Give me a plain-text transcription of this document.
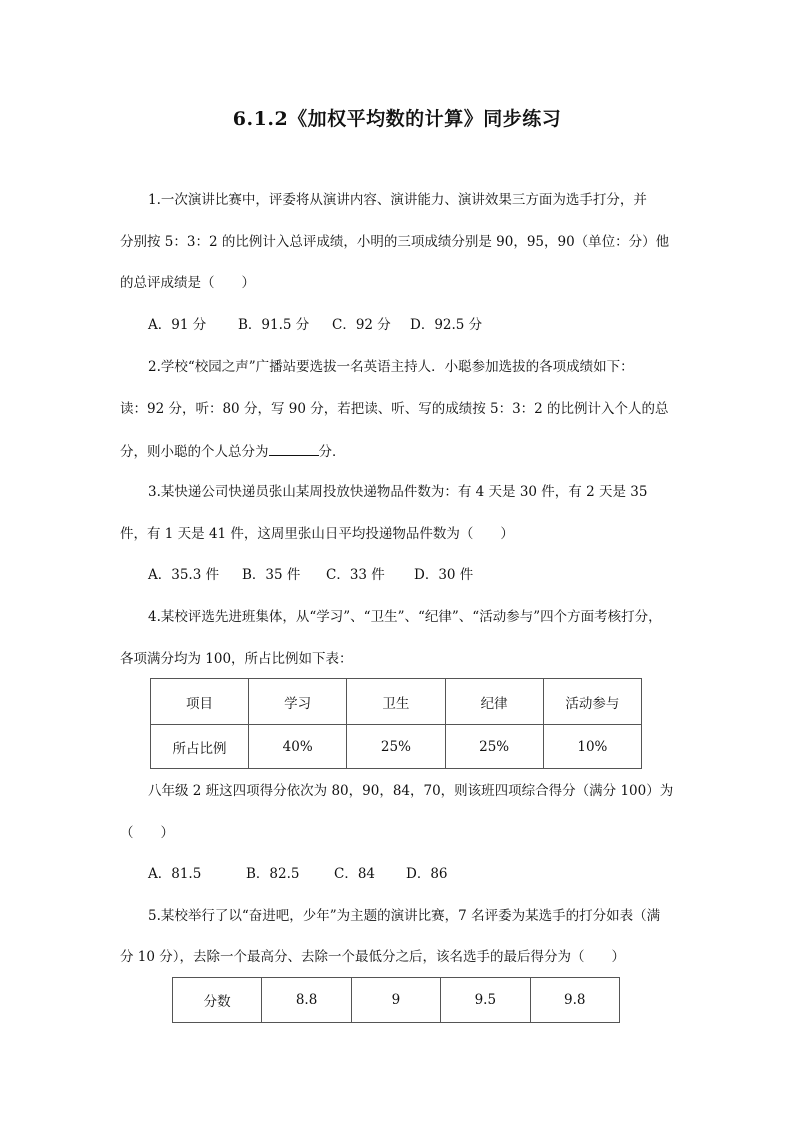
6.1.2《加权平均数的计算》同步练习
1.一次演讲比赛中，评委将从演讲内容、演讲能力、演讲效果三方面为选手打分，并
分别按 5：3：2 的比例计入总评成绩，小明的三项成绩分别是 90，95，90（单位：分）他
的总评成绩是（　　）
A．91 分 B．91.5 分 C．92 分 D．92.5 分
2.学校“校园之声”广播站要选拔一名英语主持人．小聪参加选拔的各项成绩如下：
读：92 分，听：80 分，写 90 分，若把读、听、写的成绩按 5：3：2 的比例计入个人的总
分，则小聪的个人总分为	分．
3.某快递公司快递员张山某周投放快递物品件数为：有 4 天是 30 件，有 2 天是 35
件，有 1 天是 41 件，这周里张山日平均投递物品件数为（　　）
A．35.3 件 B．35 件 C．33 件 D．30 件
4.某校评选先进班集体，从“学习”、“卫生”、“纪律”、“活动参与”四个方面考核打分，
各项满分均为 100，所占比例如下表：
项目	学习	卫生	纪律	活动参与
所占比例	40%	25%	25%	10%
八年级 2 班这四项得分依次为 80，90，84，70，则该班四项综合得分（满分 100）为
（　　）
A．81.5	B．82.5	C．84 D．86
5.某校举行了以“奋进吧，少年”为主题的演讲比赛，7 名评委为某选手的打分如表（满
分 10 分），去除一个最高分、去除一个最低分之后，该名选手的最后得分为（　　）
分数	8.8	9	9.5	9.8
